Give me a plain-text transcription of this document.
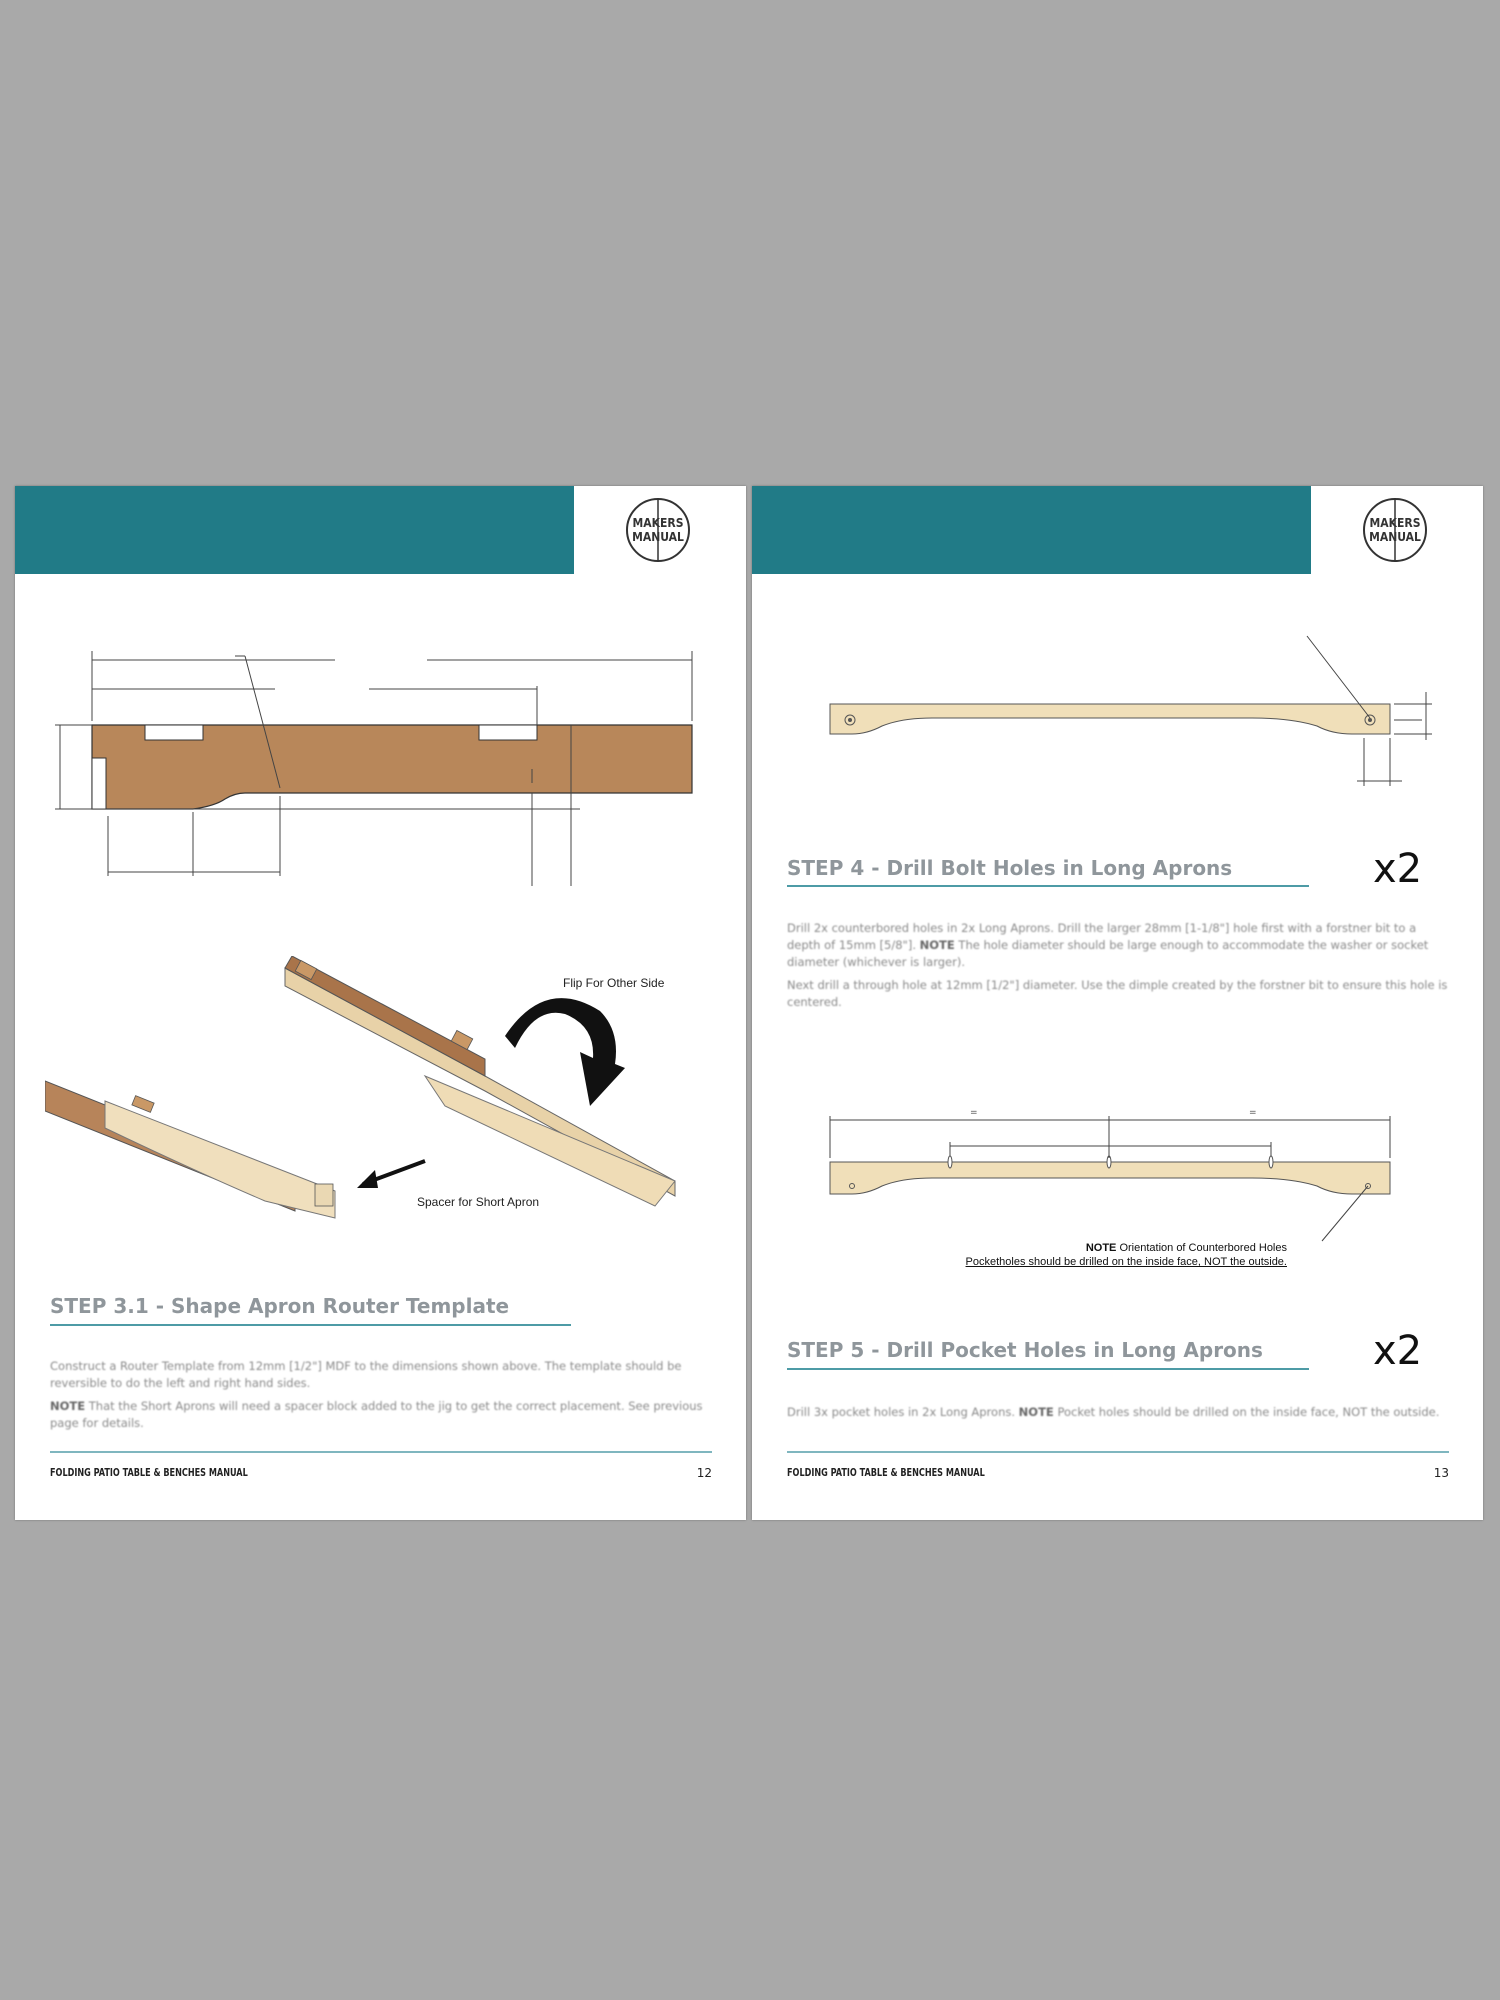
MAKERS
MANUAL
Flip For Other Side
Spacer for Short Apron
STEP 3.1 - Shape Apron Router Template

Construct a Router Template from 12mm [1/2"] MDF to the dimensions shown above. The template should be reversible to do the left and right hand sides.

NOTE That the Short Aprons will need a spacer block added to the jig to get the correct placement. See previous page for details.

FOLDING PATIO TABLE & BENCHES MANUAL	12
MAKERS
MANUAL
STEP 4 - Drill Bolt Holes in Long Aprons	x2

Drill 2x counterbored holes in 2x Long Aprons. Drill the larger 28mm [1-1/8"] hole first with a forstner bit to a depth of 15mm [5/8"]. NOTE The hole diameter should be large enough to accommodate the washer or socket diameter (whichever is larger).

Next drill a through hole at 12mm [1/2"] diameter. Use the dimple created by the forstner bit to ensure this hole is centered.

=	=
NOTE Orientation of Counterbored Holes
Pocketholes should be drilled on the inside face, NOT the outside.
STEP 5 - Drill Pocket Holes in Long Aprons	x2

Drill 3x pocket holes in 2x Long Aprons. NOTE Pocket holes should be drilled on the inside face, NOT the outside.

FOLDING PATIO TABLE & BENCHES MANUAL	13
